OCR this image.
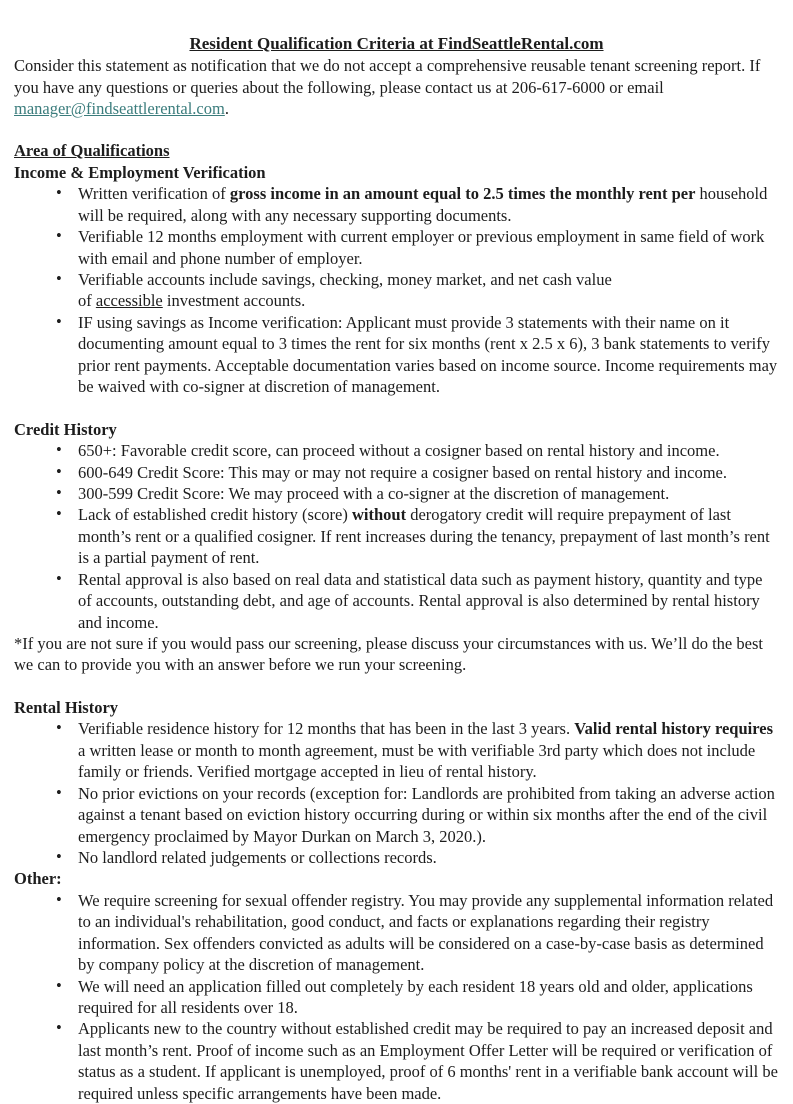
Resident Qualification Criteria at FindSeattleRental.com

Consider this statement as notification that we do not accept a comprehensive reusable tenant screening report. If you have any questions or queries about the following, please contact us at 206-617-6000 or email manager@findseattlerental.com.

Area of Qualifications
Income & Employment Verification
• Written verification of gross income in an amount equal to 2.5 times the monthly rent per household will be required, along with any necessary supporting documents.
• Verifiable 12 months employment with current employer or previous employment in same field of work with email and phone number of employer.
• Verifiable accounts include savings, checking, money market, and net cash value
of accessible investment accounts.
• IF using savings as Income verification: Applicant must provide 3 statements with their name on it documenting amount equal to 3 times the rent for six months (rent x 2.5 x 6), 3 bank statements to verify prior rent payments. Acceptable documentation varies based on income source. Income requirements may be waived with co-signer at discretion of management.
Credit History
• 650+: Favorable credit score, can proceed without a cosigner based on rental history and income.
• 600-649 Credit Score: This may or may not require a cosigner based on rental history and income.
• 300-599 Credit Score: We may proceed with a co-signer at the discretion of management.
• Lack of established credit history (score) without derogatory credit will require prepayment of last month’s rent or a qualified cosigner. If rent increases during the tenancy, prepayment of last month’s rent is a partial payment of rent.
• Rental approval is also based on real data and statistical data such as payment history, quantity and type of accounts, outstanding debt, and age of accounts. Rental approval is also determined by rental history and income.

*If you are not sure if you would pass our screening, please discuss your circumstances with us. We’ll do the best we can to provide you with an answer before we run your screening.

Rental History
• Verifiable residence history for 12 months that has been in the last 3 years. Valid rental history requires a written lease or month to month agreement, must be with verifiable 3rd party which does not include family or friends. Verified mortgage accepted in lieu of rental history.
• No prior evictions on your records (exception for: Landlords are prohibited from taking an adverse action against a tenant based on eviction history occurring during or within six months after the end of the civil emergency proclaimed by Mayor Durkan on March 3, 2020.).
• No landlord related judgements or collections records.
Other:
• We require screening for sexual offender registry. You may provide any supplemental information related to an individual's rehabilitation, good conduct, and facts or explanations regarding their registry information. Sex offenders convicted as adults will be considered on a case-by-case basis as determined by company policy at the discretion of management.
• We will need an application filled out completely by each resident 18 years old and older, applications required for all residents over 18.
• Applicants new to the country without established credit may be required to pay an increased deposit and last month’s rent. Proof of income such as an Employment Offer Letter will be required or verification of status as a student. If applicant is unemployed, proof of 6 months' rent in a verifiable bank account will be required unless specific arrangements have been made.
